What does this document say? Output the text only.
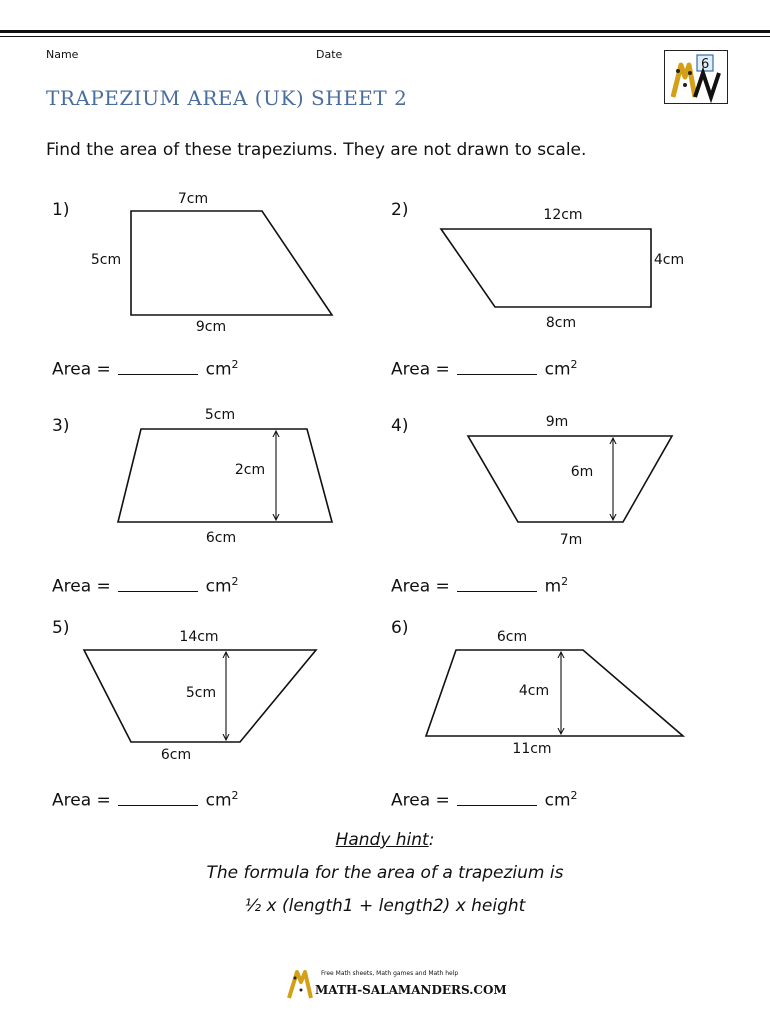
Name	Date
6
TRAPEZIUM AREA (UK) SHEET 2
Find the area of these trapeziums. They are not drawn to scale.
1)	2)
3)	4)
5)	6)
7cm
5cm
9cm
12cm
4cm
8cm
5cm
2cm
6cm
9m
6m
7m
14cm
5cm
6cm
6cm
4cm
11cm
Area =	$cm^2$	Area =	$cm^2$
Area =	$cm^2$	Area =	$m^2$
Area =	$cm^2$	Area =	$cm^2$
Handy hint:
The formula for the area of a trapezium is
½ x (length1 + length2) x height
Free Math sheets, Math games and Math help
MATH-SALAMANDERS.COM
